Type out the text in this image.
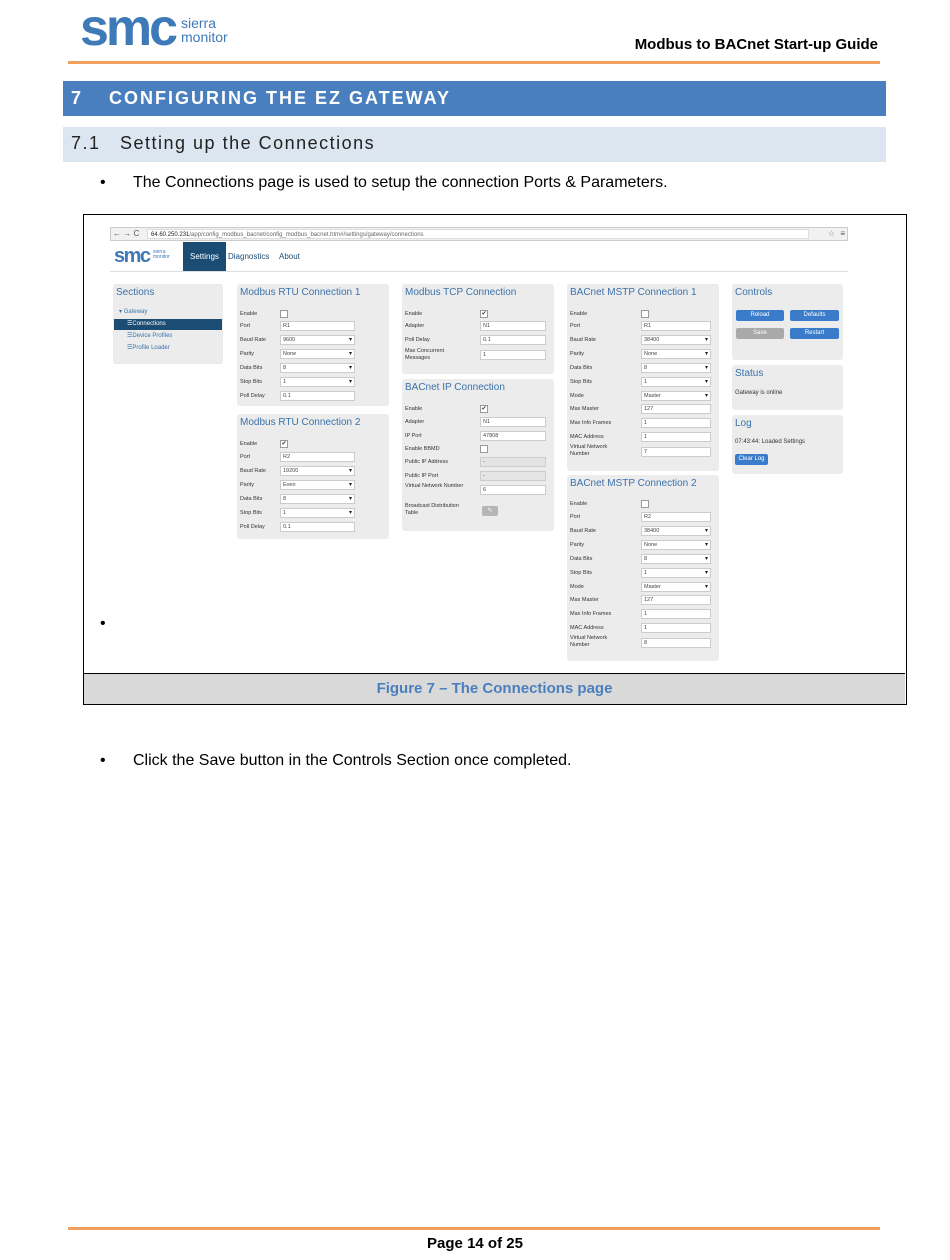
smc sierra
monitor	Modbus to BACnet Start-up Guide
7 CONFIGURING THE EZ GATEWAY
7.1 Setting up the Connections
• The Connections page is used to setup the connection Ports & Parameters.
← → C	64.60.250.231/app/config_modbus_bacnet/config_modbus_bacnet.htm#/settings/gateway/connections	☆ ≡
smc sierra monitor	Settings	Diagnostics	About
Sections
▾ Gateway
☰Connections
☰Device Profiles
☰Profile Loader
Modbus RTU Connection 1
Enable
Port	R1
Baud Rate	9600 ▾
Parity	None ▾
Data Bits	8 ▾
Stop Bits	1 ▾
Poll Delay	0.1
Modbus RTU Connection 2
Enable	✔
Port	R2
Baud Rate	19200 ▾
Parity	Even ▾
Data Bits	8 ▾
Stop Bits	1 ▾
Poll Delay	0.1
Modbus TCP Connection
Enable	✔
Adapter	N1
Poll Delay	0.1
Max Concurrent Messages	1
BACnet IP Connection
Enable	✔
Adapter	N1
IP Port	47808
Enable BBMD
Public IP Address	-
Public IP Port	-
Virtual Network Number
6
Broadcast Distribution Table	✎
BACnet MSTP Connection 1
Enable
Port	R1
Baud Rate	38400 ▾
Parity	None ▾
Data Bits	8 ▾
Stop Bits	1 ▾
Mode	Master ▾
Max Master	127
Max Info Frames	1
MAC Address	1
Virtual Network Number	7
BACnet MSTP Connection 2
Enable
Port	R2
Baud Rate	38400 ▾
Parity	None ▾
Data Bits	8 ▾
Stop Bits	1 ▾
Mode	Master ▾
Max Master	127
Max Info Frames	1
MAC Address	1
Virtual Network Number	8
Controls
Reload	Defaults
Save	Restart
Status
Gateway is online
Log
07:43:44: Loaded Settings
Clear Log
•
Figure 7 – The Connections page
• Click the Save button in the Controls Section once completed.
Page 14 of 25
